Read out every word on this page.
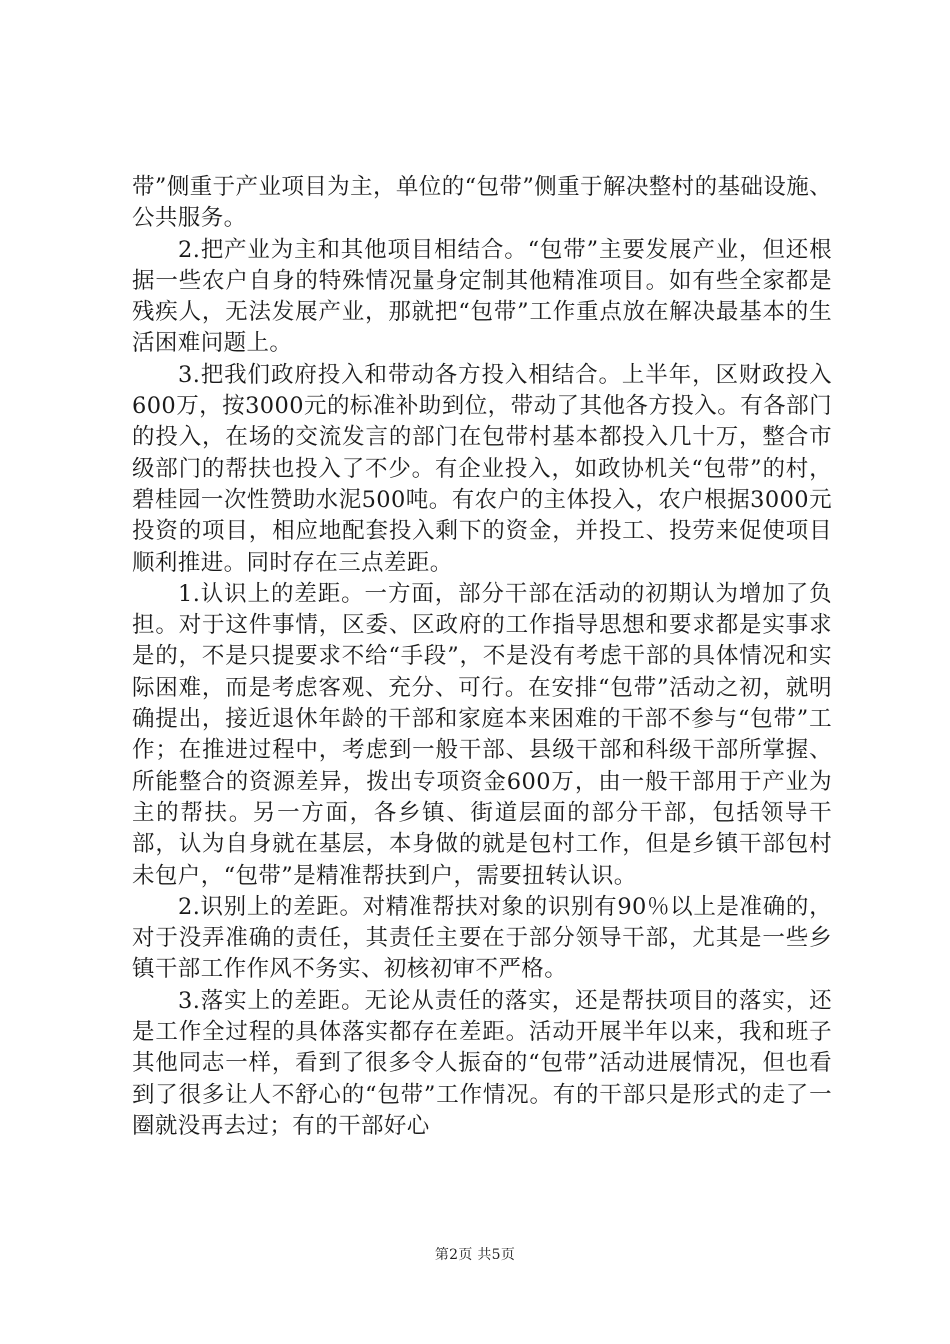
带”侧重于产业项目为主，单位的“包带”侧重于解决整村的基础设施、公共服务。

2.把产业为主和其他项目相结合。“包带”主要发展产业，但还根据一些农户自身的特殊情况量身定制其他精准项目。如有些全家都是残疾人，无法发展产业，那就把“包带”工作重点放在解决最基本的生活困难问题上。

3.把我们政府投入和带动各方投入相结合。上半年，区财政投入600万，按3000元的标准补助到位，带动了其他各方投入。有各部门的投入，在场的交流发言的部门在包带村基本都投入几十万，整合市级部门的帮扶也投入了不少。有企业投入，如政协机关“包带”的村，碧桂园一次性赞助水泥500吨。有农户的主体投入，农户根据3000元投资的项目，相应地配套投入剩下的资金，并投工、投劳来促使项目顺利推进。同时存在三点差距。

1.认识上的差距。一方面，部分干部在活动的初期认为增加了负担。对于这件事情，区委、区政府的工作指导思想和要求都是实事求是的，不是只提要求不给“手段”，不是没有考虑干部的具体情况和实际困难，而是考虑客观、充分、可行。在安排“包带”活动之初，就明确提出，接近退休年龄的干部和家庭本来困难的干部不参与“包带”工作；在推进过程中，考虑到一般干部、县级干部和科级干部所掌握、所能整合的资源差异，拨出专项资金600万，由一般干部用于产业为主的帮扶。另一方面，各乡镇、街道层面的部分干部，包括领导干部，认为自身就在基层，本身做的就是包村工作，但是乡镇干部包村未包户，“包带”是精准帮扶到户，需要扭转认识。

2.识别上的差距。对精准帮扶对象的识别有90％以上是准确的，对于没弄准确的责任，其责任主要在于部分领导干部，尤其是一些乡镇干部工作作风不务实、初核初审不严格。

3.落实上的差距。无论从责任的落实，还是帮扶项目的落实，还是工作全过程的具体落实都存在差距。活动开展半年以来，我和班子其他同志一样，看到了很多令人振奋的“包带”活动进展情况，但也看到了很多让人不舒心的“包带”工作情况。有的干部只是形式的走了一圈就没再去过；有的干部好心

第2页 共5页
